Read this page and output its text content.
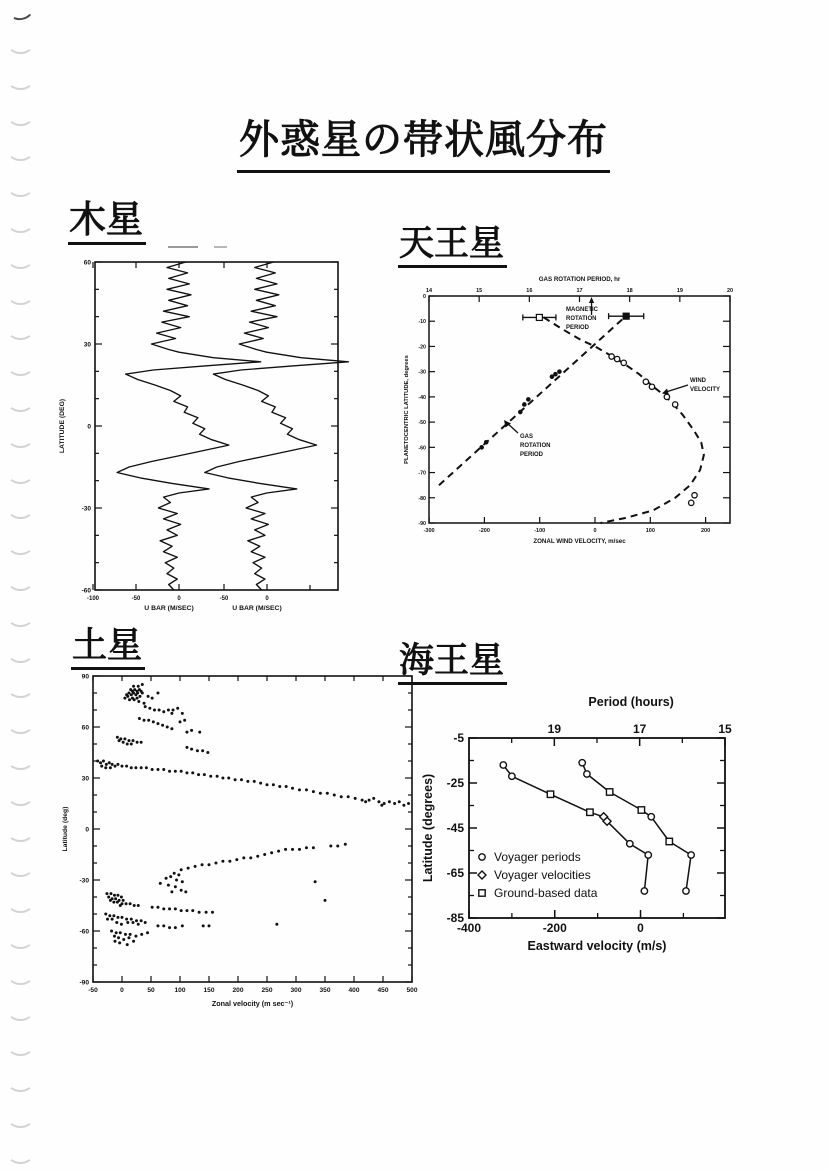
外惑星の帯状風分布
木星
天王星
土星	海王星
60
30
0
-30
-60
-100	-50	0	-50	0
U BAR (M/SEC)	U BAR (M/SEC)
LATITUDE (DEG)
14	15	16	17	18	19	20
GAS ROTATION PERIOD, hr
0
-10
-20
-30
-40
-50
-60
-70
-80
-90
PLANETOCENTRIC LATITUDE, degrees
-300	-200	-100	0	100	200
ZONAL WIND VELOCITY, m/sec
MAGNETIC
ROTATION
PERIOD
WIND
VELOCITY
GAS
ROTATION
PERIOD
-50	0	50	100	150	200	250	300	350	400	450	500
90
60
30
0
-30
-60
-90
Zonal velocity (m sec⁻¹)
Latitude (deg)
19	17	15
Period (hours)
-5
-25
-45
-65
-85
-400	-200	0
Eastward velocity (m/s)
Latitude (degrees)	Voyager periods
Voyager velocities
Ground-based data
